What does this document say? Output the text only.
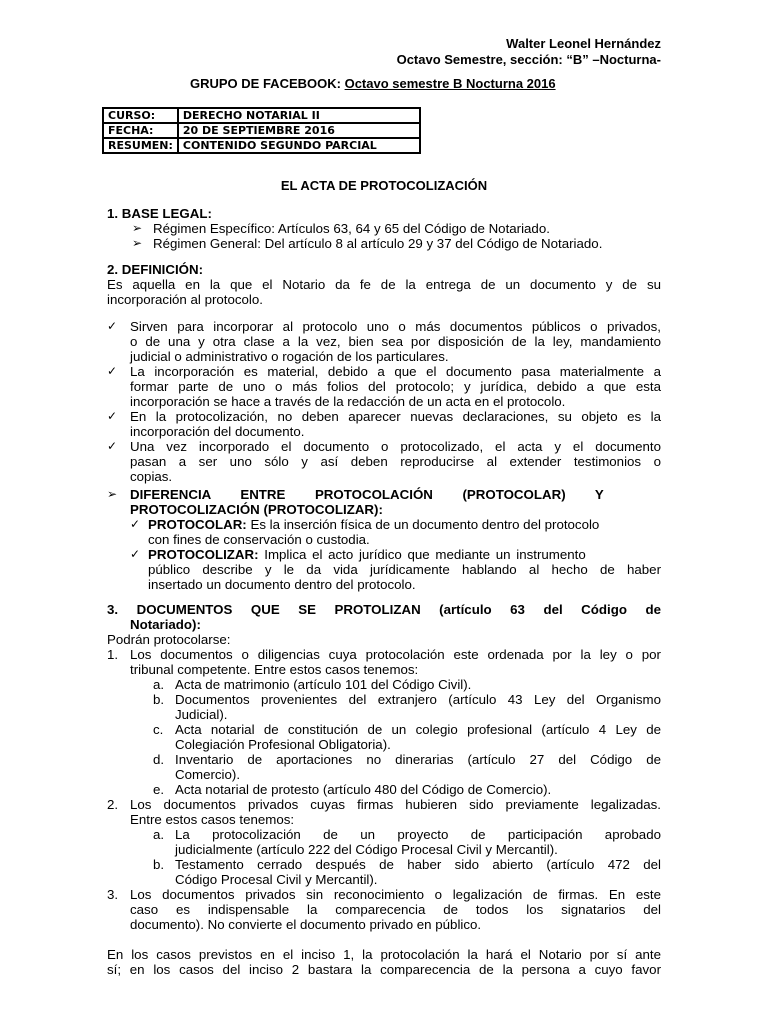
Walter Leonel Hernández
Octavo Semestre, sección: “B” –Nocturna-
GRUPO DE FACEBOOK: Octavo semestre B Nocturna 2016
CURSO:	DERECHO NOTARIAL II
FECHA:	20 DE SEPTIEMBRE 2016
RESUMEN:	CONTENIDO SEGUNDO PARCIAL
EL ACTA DE PROTOCOLIZACIÓN
1. BASE LEGAL:
➢ Régimen Específico: Artículos 63, 64 y 65 del Código de Notariado.
➢ Régimen General: Del artículo 8 al artículo 29 y 37 del Código de Notariado.
2. DEFINICIÓN:
Es aquella en la que el Notario da fe de la entrega de un documento y de su
incorporación al protocolo.
✓ Sirven para incorporar al protocolo uno o más documentos públicos o privados,
o de una y otra clase a la vez, bien sea por disposición de la ley, mandamiento
judicial o administrativo o rogación de los particulares.
✓ La incorporación es material, debido a que el documento pasa materialmente a
formar parte de uno o más folios del protocolo; y jurídica, debido a que esta
incorporación se hace a través de la redacción de un acta en el protocolo.
✓ En la protocolización, no deben aparecer nuevas declaraciones, su objeto es la
incorporación del documento.
✓ Una vez incorporado el documento o protocolizado, el acta y el documento
pasan a ser uno sólo y así deben reproducirse al extender testimonios o
copias.
➢ DIFERENCIA        ENTRE        PROTOCOLACIÓN        (PROTOCOLAR)        Y
PROTOCOLIZACIÓN (PROTOCOLIZAR):
✓ PROTOCOLAR: Es la inserción física de un documento dentro del protocolo
con fines de conservación o custodia.
✓ PROTOCOLIZAR: Implica el acto jurídico que mediante un instrumento
público describe y le da vida jurídicamente hablando al hecho de haber
insertado un documento dentro del protocolo.
3. DOCUMENTOS QUE SE PROTOLIZAN (artículo 63 del Código de
Notariado):
Podrán protocolarse:
1. Los documentos o diligencias cuya protocolación este ordenada por la ley o por
tribunal competente. Entre estos casos tenemos:
a. Acta de matrimonio (artículo 101 del Código Civil).
b. Documentos provenientes del extranjero (artículo 43 Ley del Organismo
Judicial).
c. Acta notarial de constitución de un colegio profesional (artículo 4 Ley de
Colegiación Profesional Obligatoria).
d. Inventario de aportaciones no dinerarias (artículo 27 del Código de
Comercio).
e. Acta notarial de protesto (artículo 480 del Código de Comercio).
2. Los documentos privados cuyas firmas hubieren sido previamente legalizadas.
Entre estos casos tenemos:
a. La    protocolización    de    un    proyecto    de    participación    aprobado
judicialmente (artículo 222 del Código Procesal Civil y Mercantil).
b. Testamento cerrado después de haber sido abierto (artículo 472 del
Código Procesal Civil y Mercantil).
3. Los documentos privados sin reconocimiento o legalización de firmas. En este
caso es indispensable la comparecencia de todos los signatarios del
documento). No convierte el documento privado en público.
En los casos previstos en el inciso 1, la protocolación la hará el Notario por sí ante
sí; en los casos del inciso 2 bastara la comparecencia de la persona a cuyo favor
